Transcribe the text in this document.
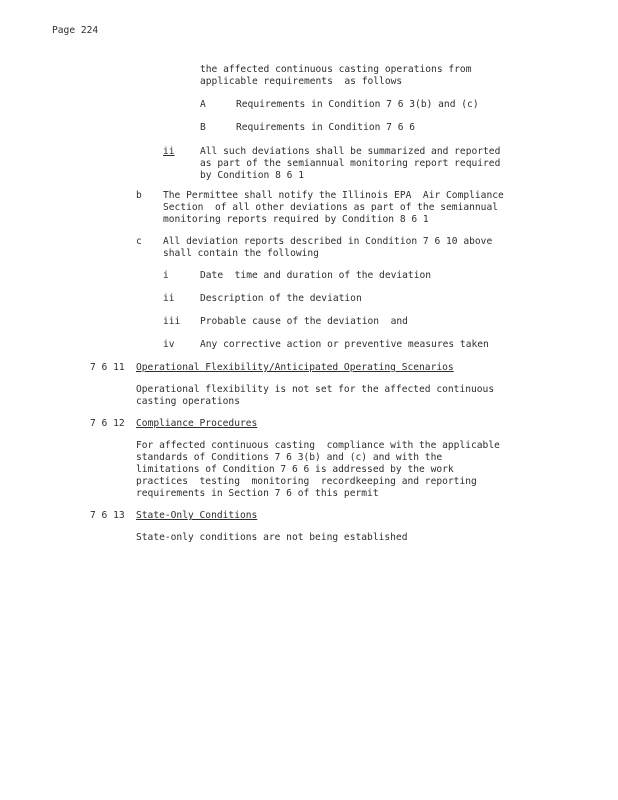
Page 224
the affected continuous casting operations from
applicable requirements  as follows
A	Requirements in Condition 7 6 3(b) and (c)
B	Requirements in Condition 7 6 6
ii	All such deviations shall be summarized and reported
as part of the semiannual monitoring report required
by Condition 8 6 1
b The Permittee shall notify the Illinois EPA  Air Compliance
Section  of all other deviations as part of the semiannual
monitoring reports required by Condition 8 6 1
c All deviation reports described in Condition 7 6 10 above
shall contain the following
i	Date  time and duration of the deviation
ii	Description of the deviation
iii Probable cause of the deviation  and
iv	Any corrective action or preventive measures taken
7 6 11 Operational Flexibility/Anticipated Operating Scenarios
Operational flexibility is not set for the affected continuous
casting operations
7 6 12 Compliance Procedures
For affected continuous casting  compliance with the applicable
standards of Conditions 7 6 3(b) and (c) and with the
limitations of Condition 7 6 6 is addressed by the work
practices  testing  monitoring  recordkeeping and reporting
requirements in Section 7 6 of this permit
7 6 13 State-Only Conditions
State-only conditions are not being established
